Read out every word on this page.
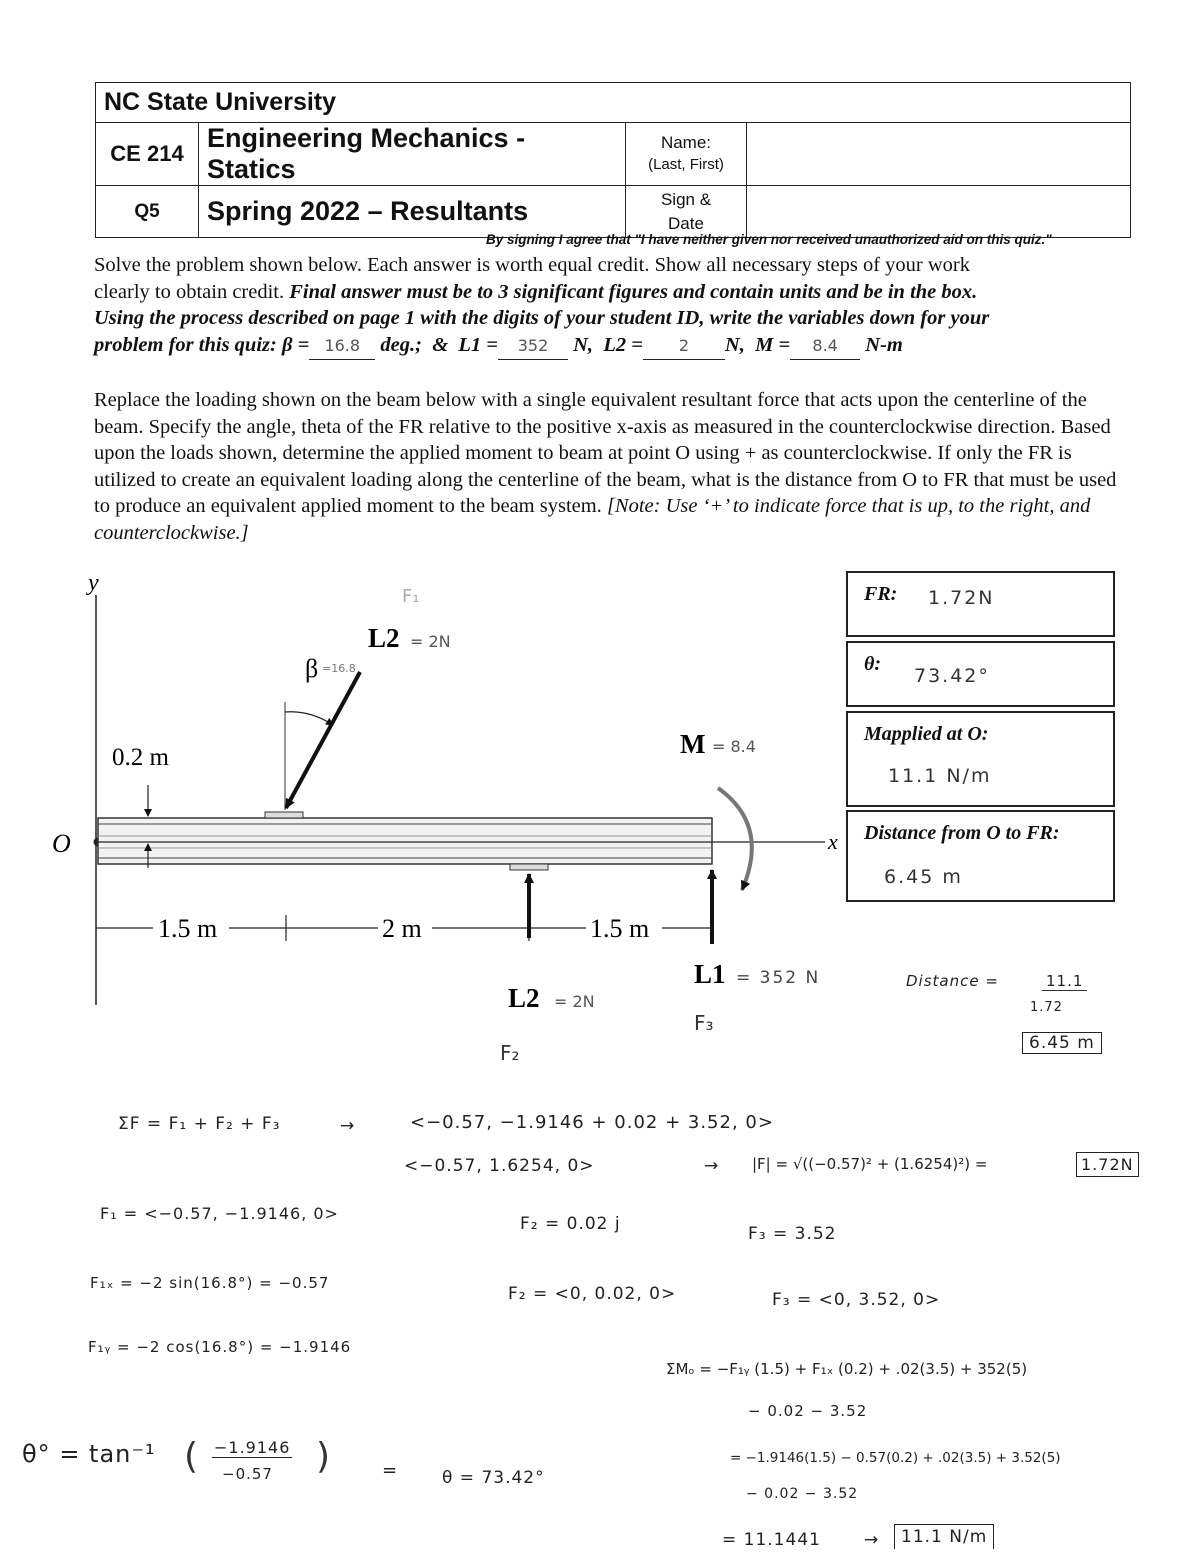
NC State University			
CE 214	Engineering Mechanics - Statics	Name:
(Last, First)	

Q5	Spring 2022 – Resultants	Sign &
Date	

By signing I agree that "I have neither given nor received unauthorized aid on this quiz."
Solve the problem shown below. Each answer is worth equal credit. Show all necessary steps of your work
clearly to obtain credit. Final answer must be to 3 significant figures and contain units and be in the box.
Using the process described on page 1 with the digits of your student ID, write the variables down for your
problem for this quiz: β = 16.8 deg.; & L1 = 352 N, L2 = 2 N, M = 8.4 N-m
Replace the loading shown on the beam below with a single equivalent resultant force that acts upon the centerline of the beam. Specify the angle, theta of the FR relative to the positive x-axis as measured in the counterclockwise direction. Based upon the loads shown, determine the applied moment to beam at point O using + as counterclockwise. If only the FR is utilized to create an equivalent loading along the centerline of the beam, what is the distance from O to FR that must be used to produce an equivalent applied moment to the beam system. [Note: Use ‘+’ to indicate force that is up, to the right, and counterclockwise.]
y
x
O
0.2 m
1.5 m	2 m	1.5 m
β =16.8
L2 = 2N
F₁
L2 = 2N
F₂
L1 = 352 N
F₃
M = 8.4
FR: 1.72N
θ:
73.42°
Mapplied at O:
11.1 N/m
Distance from O to FR:
6.45 m
Distance =	11.1
1.72
6.45 m
ΣF = F₁ + F₂ + F₃	→	<−0.57, −1.9146 + 0.02 + 3.52, 0>
<−0.57, 1.6254, 0>	→ |F| = √((−0.57)² + (1.6254)²) =	1.72N
F₁ = <−0.57, −1.9146, 0>
F₂ = 0.02 j	F₃ = 3.52
F₁ₓ = −2 sin(16.8°) = −0.57
F₂ = <0, 0.02, 0>	F₃ = <0, 3.52, 0>
F₁ᵧ = −2 cos(16.8°) = −1.9146
ΣMₒ = −F₁ᵧ (1.5) + F₁ₓ (0.2) + .02(3.5) + 352(5)
− 0.02 − 3.52
θ° = tan⁻¹ ( −1.9146
−0.57 )	=	θ = 73.42°
= −1.9146(1.5) − 0.57(0.2) + .02(3.5) + 3.52(5)
− 0.02 − 3.52
= 11.1441	→	11.1 N/m
